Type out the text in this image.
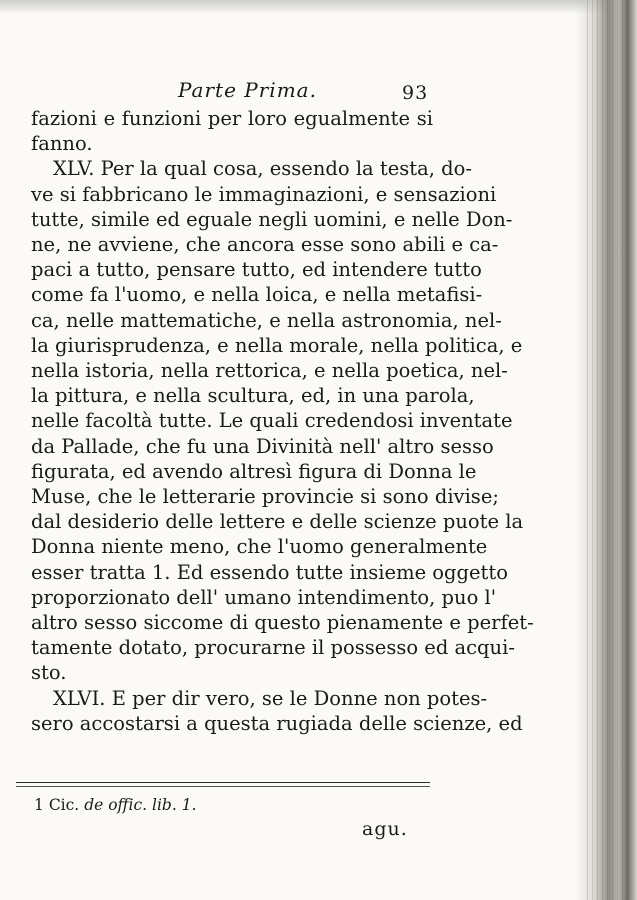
Parte Prima.	93
fazioni e funzioni per loro egualmente si
fanno.
XLV. Per la qual cosa, essendo la testa, do-
ve si fabbricano le immaginazioni, e sensazioni
tutte, simile ed eguale negli uomini, e nelle Don-
ne, ne avviene, che ancora esse sono abili e ca-
paci a tutto, pensare tutto, ed intendere tutto
come fa l'uomo, e nella loica, e nella metafisi-
ca, nelle mattematiche, e nella astronomia, nel-
la giurisprudenza, e nella morale, nella politica, e
nella istoria, nella rettorica, e nella poetica, nel-
la pittura, e nella scultura, ed, in una parola,
nelle facoltà tutte. Le quali credendosi inventate
da Pallade, che fu una Divinità nell' altro sesso
figurata, ed avendo altresì figura di Donna le
Muse, che le letterarie provincie si sono divise;
dal desiderio delle lettere e delle scienze puote la
Donna niente meno, che l'uomo generalmente
esser tratta 1. Ed essendo tutte insieme oggetto
proporzionato dell' umano intendimento, puo l'
altro sesso siccome di questo pienamente e perfet-
tamente dotato, procurarne il possesso ed acqui-
sto.
XLVI. E per dir vero, se le Donne non potes-
sero accostarsi a questa rugiada delle scienze, ed
1 Cic. de offic. lib. 1.
agu.
